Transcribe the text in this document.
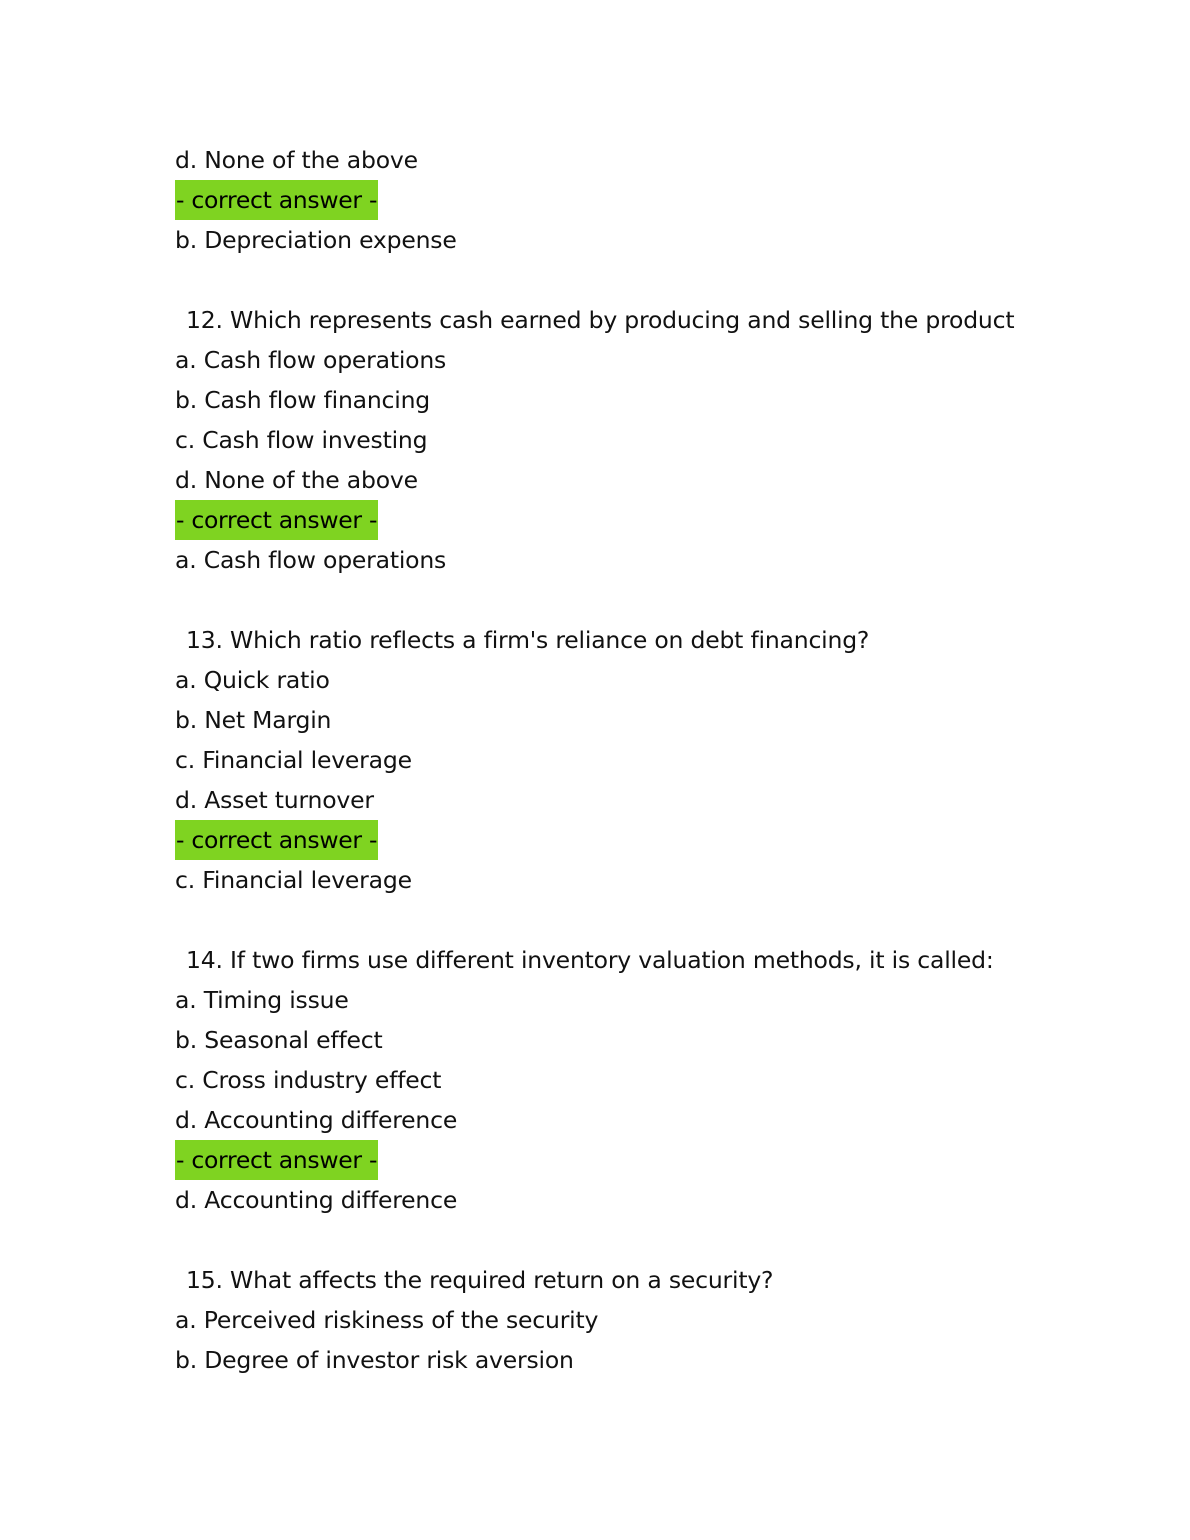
d. None of the above
- correct answer -
b. Depreciation expense
12. Which represents cash earned by producing and selling the product
a. Cash flow operations
b. Cash flow financing
c. Cash flow investing
d. None of the above
- correct answer -
a. Cash flow operations
13. Which ratio reflects a firm's reliance on debt financing?
a. Quick ratio
b. Net Margin
c. Financial leverage
d. Asset turnover
- correct answer -
c. Financial leverage
14. If two firms use different inventory valuation methods, it is called:
a. Timing issue
b. Seasonal effect
c. Cross industry effect
d. Accounting difference
- correct answer -
d. Accounting difference
15. What affects the required return on a security?
a. Perceived riskiness of the security
b. Degree of investor risk aversion
